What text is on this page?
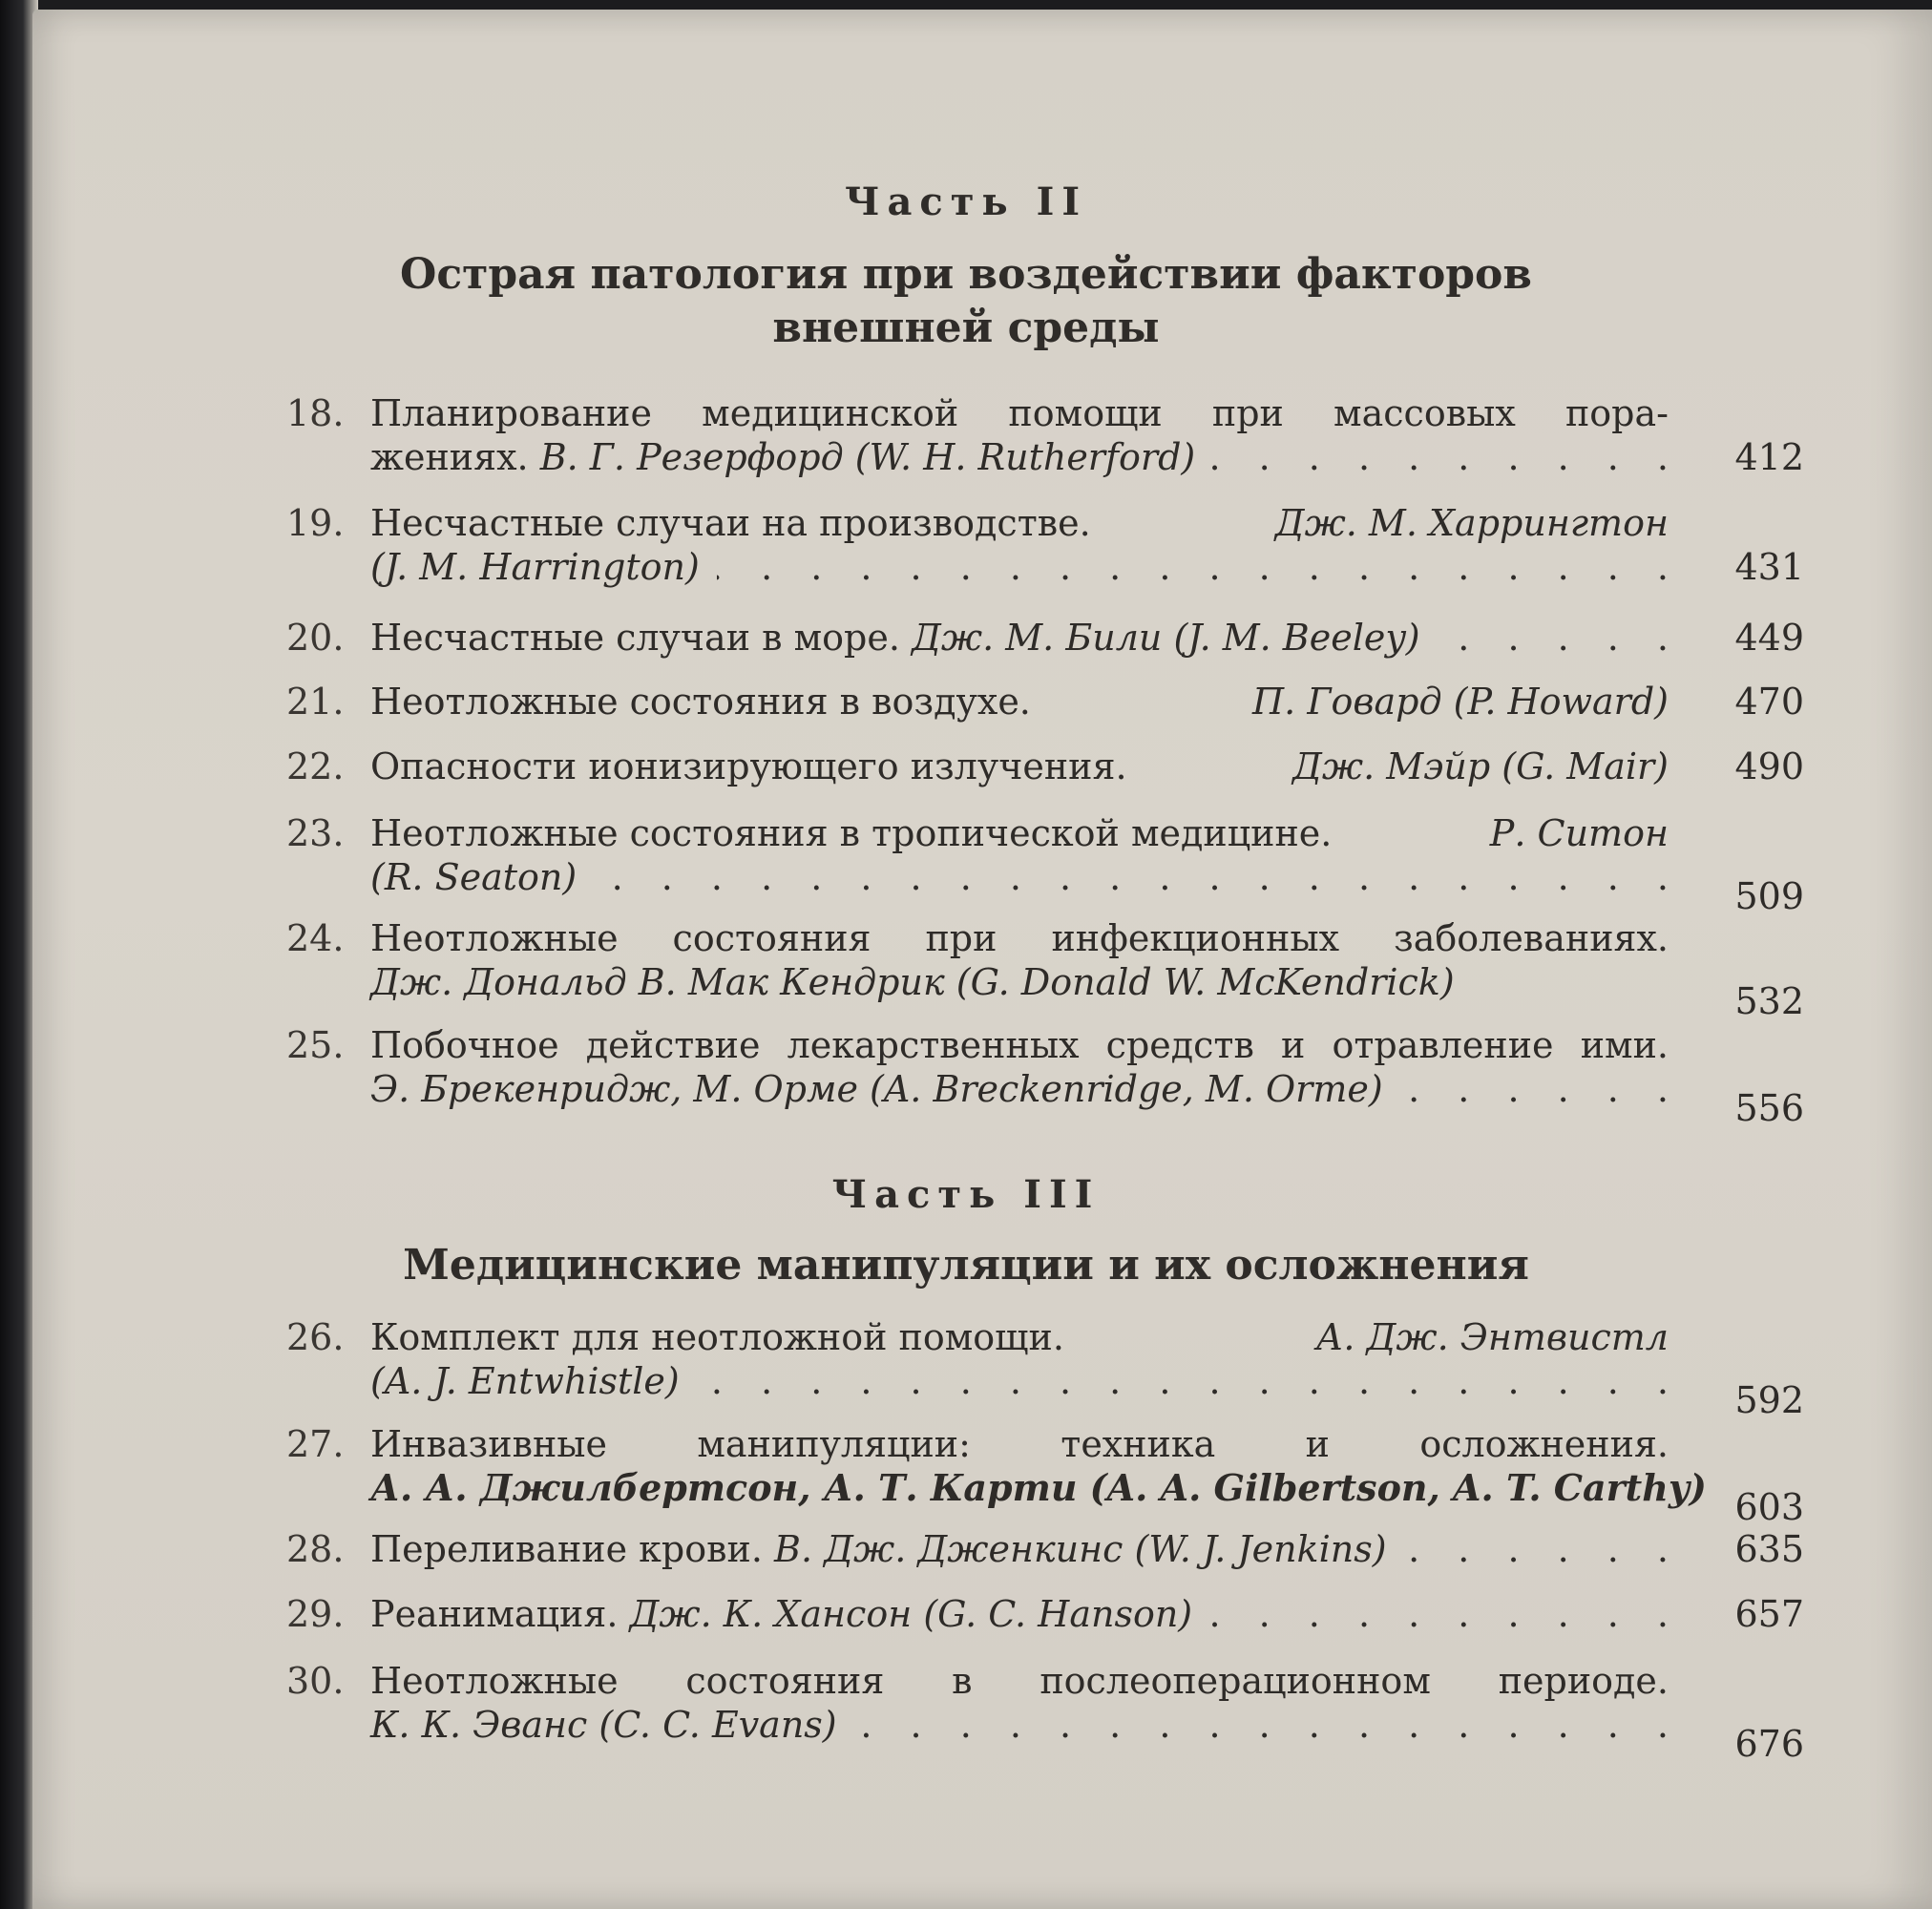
Часть II
Острая патология при воздействии факторов
внешней среды
18. Планирование медицинской помощи при массовых пора-
жениях.
В. Г. Резерфорд (W. H. Rutherford) . . .	412
19. Несчастные случаи на производстве.	Дж. М. Харрингтон
(J. M. Harrington) . . .	431
20. Несчастные случаи в море.
Дж. М. Били (J. M. Beeley) . . .	449
21. Неотложные состояния в воздухе.	П. Говард (P. Howard)	470
22. Опасности ионизирующего излучения.	Дж. Мэйр (G. Mair)	490
23. Неотложные состояния в тропической медицине.	Р. Ситон
(R. Seaton) . . .	509
24. Неотложные состояния при инфекционных заболеваниях.
Дж. Дональд В. Мак Кендрик (G. Donald W. McKendrick)	532
25. Побочное действие лекарственных средств и отравление ими.
Э. Брекенридж, М. Орме (A. Breckenridge, M. Orme) . . .	556
Часть III
Медицинские манипуляции и их осложнения
26. Комплект для неотложной помощи.	А. Дж. Энтвистл
(A. J. Entwhistle) . . .	592
27. Инвазивные манипуляции: техника и осложнения.
А. А. Джилбертсон, А. Т. Карти (A. A. Gilbertson, A. T. Carthy) 603
28. Переливание крови.
В. Дж. Дженкинс (W. J. Jenkins) . . .	635
29. Реанимация.
Дж. К. Хансон (G. C. Hanson) . . .	657
30. Неотложные состояния в послеоперационном периоде.
К. К. Эванс (C. C. Evans) . . .	676
